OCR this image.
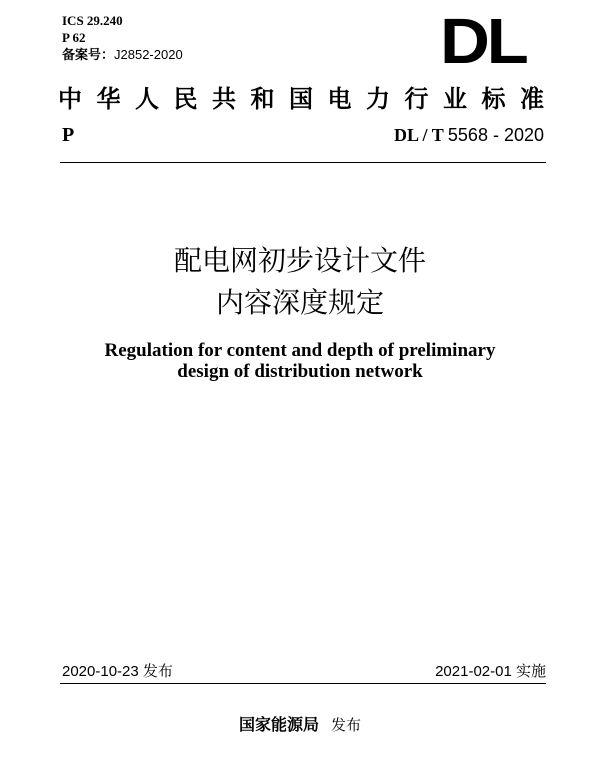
ICS 29.240
P 62
备案号：J2852-2020	DL
中 华 人 民 共 和 国 电 力 行 业 标 准
P	DL / T 5568 - 2020
配电网初步设计文件
内容深度规定
Regulation for content and depth of preliminary
design of distribution network
2020-10-23 发布	2021-02-01 实施
国家能源局 发布
